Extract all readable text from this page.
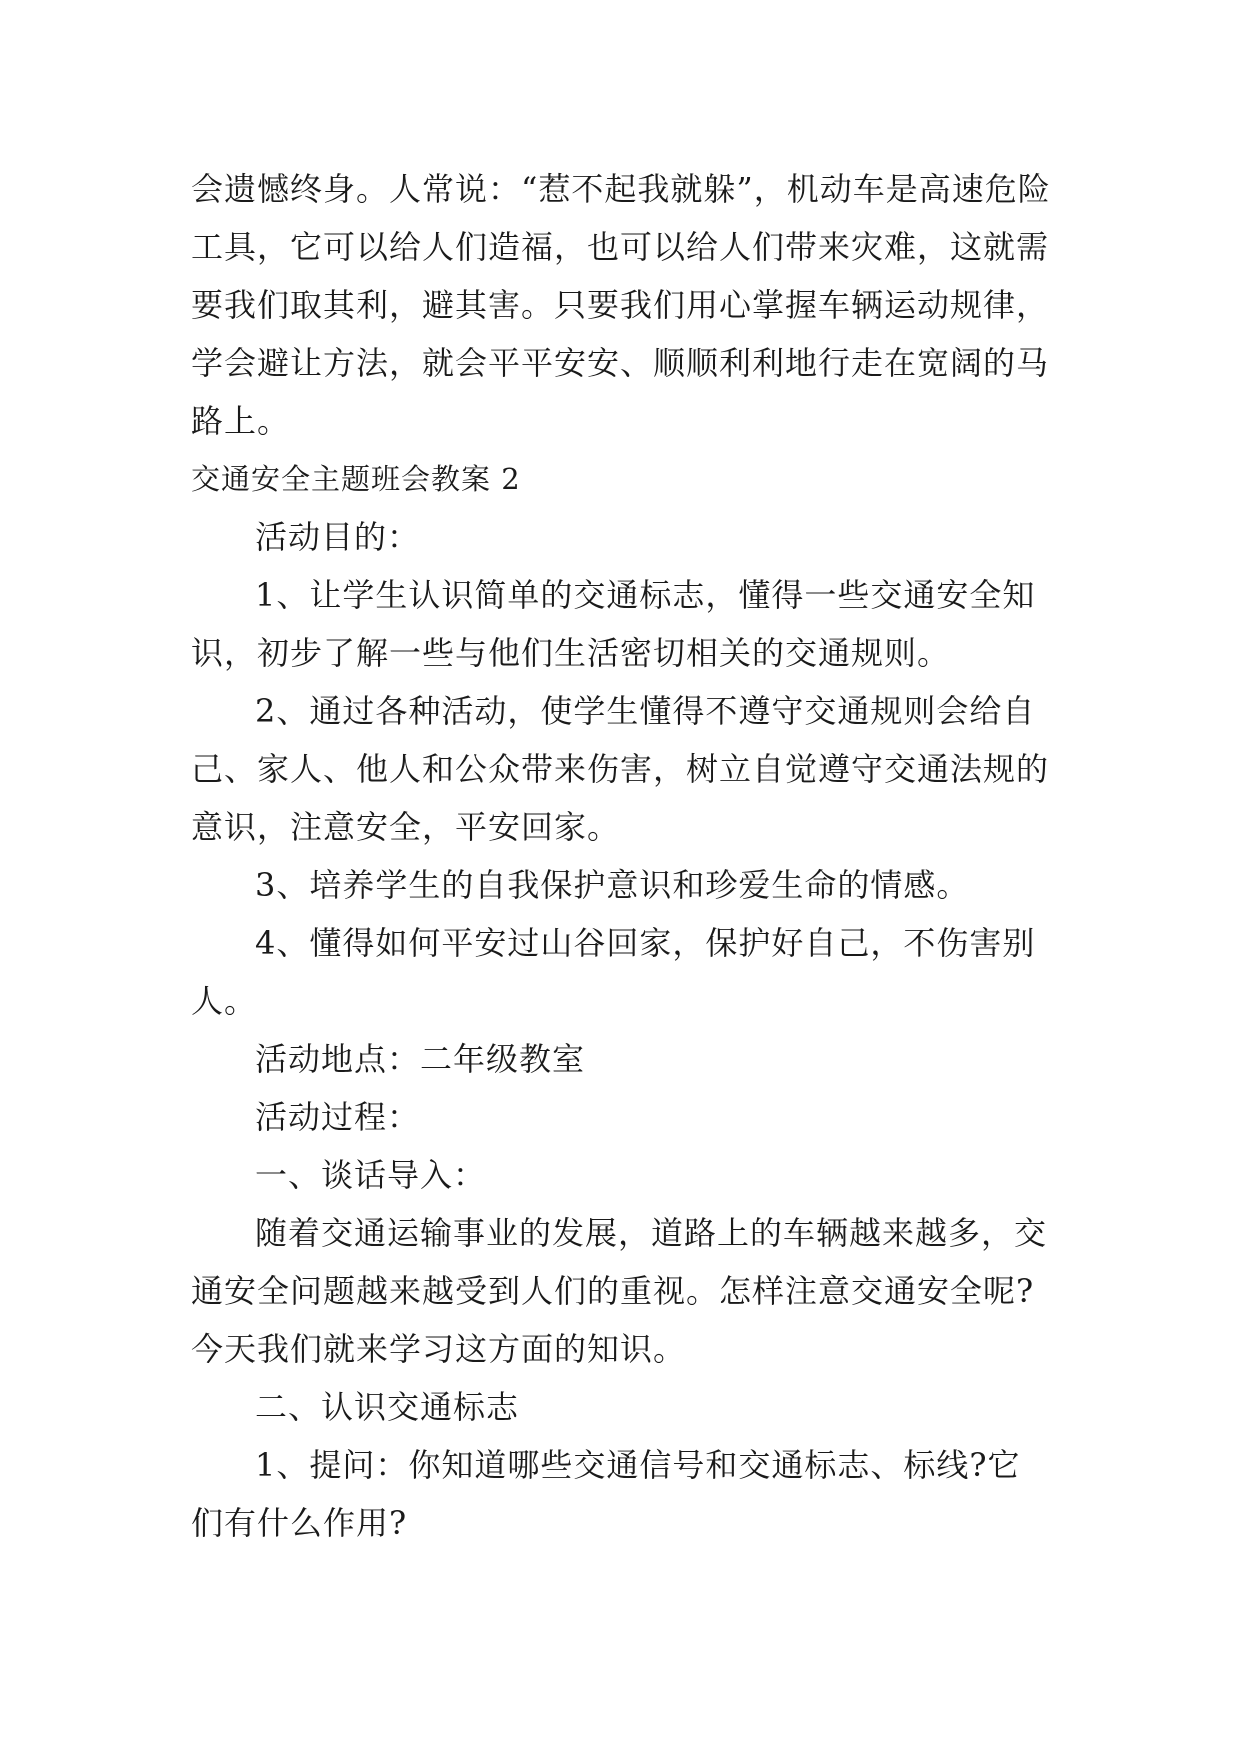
会遗憾终身。人常说：“惹不起我就躲”，机动车是高速危险工具，它可以给人们造福，也可以给人们带来灾难，这就需要我们取其利，避其害。只要我们用心掌握车辆运动规律，学会避让方法，就会平平安安、顺顺利利地行走在宽阔的马路上。

交通安全主题班会教案 2

活动目的：

1、让学生认识简单的交通标志，懂得一些交通安全知识，初步了解一些与他们生活密切相关的交通规则。

2、通过各种活动，使学生懂得不遵守交通规则会给自己、家人、他人和公众带来伤害，树立自觉遵守交通法规的意识，注意安全，平安回家。

3、培养学生的自我保护意识和珍爱生命的情感。

4、懂得如何平安过山谷回家，保护好自己，不伤害别人。

活动地点：二年级教室

活动过程：

一、谈话导入：

随着交通运输事业的发展，道路上的车辆越来越多，交通安全问题越来越受到人们的重视。怎样注意交通安全呢?今天我们就来学习这方面的知识。

二、认识交通标志

1、提问：你知道哪些交通信号和交通标志、标线?它们有什么作用?
